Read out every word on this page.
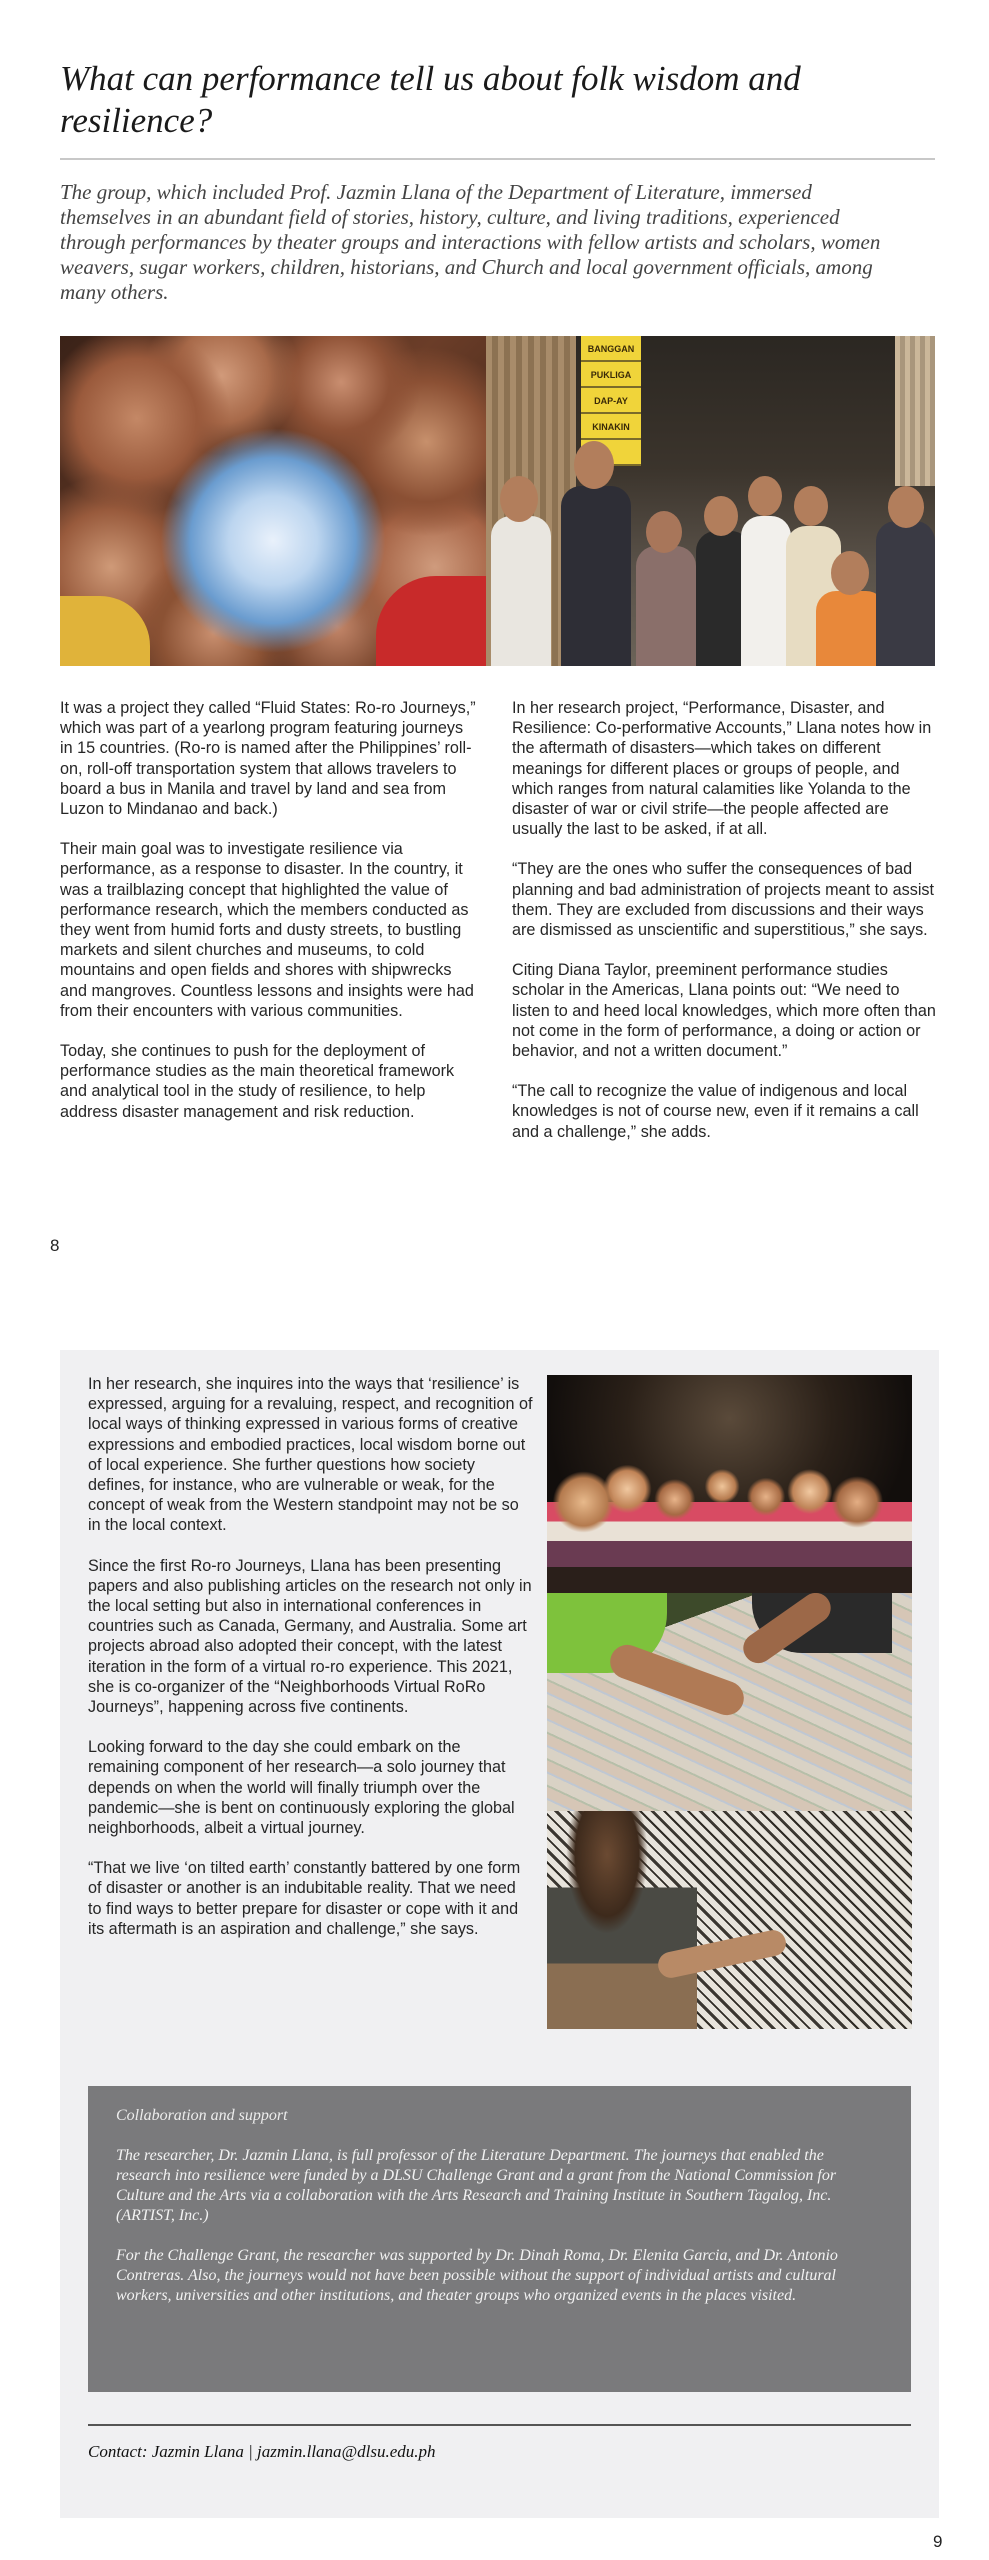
What can performance tell us about folk wisdom and resilience?

The group, which included Prof. Jazmin Llana of the Department of Literature, immersed themselves in an abundant field of stories, history, culture, and living traditions, experienced through performances by theater groups and interactions with fellow artists and scholars, women weavers, sugar workers, children, historians, and Church and local government officials, among many others.

BANGGAN
PUKLIGA
DAP-AY
KINAKIN

It was a project they called “Fluid States: Ro-ro Journeys,” which was part of a yearlong program featuring journeys in 15 countries. (Ro-ro is named after the Philippines’ roll-on, roll-off transportation system that allows travelers to board a bus in Manila and travel by land and sea from Luzon to Mindanao and back.)

Their main goal was to investigate resilience via performance, as a response to disaster. In the country, it was a trailblazing concept that highlighted the value of performance research, which the members conducted as they went from humid forts and dusty streets, to bustling markets and silent churches and museums, to cold mountains and open fields and shores with shipwrecks and mangroves. Countless lessons and insights were had from their encounters with various communities.

Today, she continues to push for the deployment of performance studies as the main theoretical framework and analytical tool in the study of resilience, to help address disaster management and risk reduction.

In her research project, “Performance, Disaster, and Resilience: Co-performative Accounts,” Llana notes how in the aftermath of disasters—which takes on different meanings for different places or groups of people, and which ranges from natural calamities like Yolanda to the disaster of war or civil strife—the people affected are usually the last to be asked, if at all.

“They are the ones who suffer the consequences of bad planning and bad administration of projects meant to assist them. They are excluded from discussions and their ways are dismissed as unscientific and superstitious,” she says.

Citing Diana Taylor, preeminent performance studies scholar in the Americas, Llana points out: “We need to listen to and heed local knowledges, which more often than not come in the form of performance, a doing or action or behavior, and not a written document.”

“The call to recognize the value of indigenous and local knowledges is not of course new, even if it remains a call and a challenge,” she adds.

8

In her research, she inquires into the ways that ‘resilience’ is expressed, arguing for a revaluing, respect, and recognition of local ways of thinking expressed in various forms of creative expressions and embodied practices, local wisdom borne out of local experience. She further questions how society defines, for instance, who are vulnerable or weak, for the concept of weak from the Western standpoint may not be so in the local context.

Since the first Ro-ro Journeys, Llana has been presenting papers and also publishing articles on the research not only in the local setting but also in international conferences in countries such as Canada, Germany, and Australia. Some art projects abroad also adopted their concept, with the latest iteration in the form of a virtual ro-ro experience. This 2021, she is co-organizer of the “Neighborhoods Virtual RoRo Journeys”, happening across five continents.

Looking forward to the day she could embark on the remaining component of her research—a solo journey that depends on when the world will finally triumph over the pandemic—she is bent on continuously exploring the global neighborhoods, albeit a virtual journey.

“That we live ‘on tilted earth’ constantly battered by one form of disaster or another is an indubitable reality. That we need to find ways to better prepare for disaster or cope with it and its aftermath is an aspiration and challenge,” she says.

Collaboration and support

The researcher, Dr. Jazmin Llana, is full professor of the Literature Department. The journeys that enabled the research into resilience were funded by a DLSU Challenge Grant and a grant from the National Commission for Culture and the Arts via a collaboration with the Arts Research and Training Institute in Southern Tagalog, Inc. (ARTIST, Inc.)

For the Challenge Grant, the researcher was supported by Dr. Dinah Roma, Dr. Elenita Garcia, and Dr. Antonio Contreras. Also, the journeys would not have been possible without the support of individual artists and cultural workers, universities and other institutions, and theater groups who organized events in the places visited.

Contact: Jazmin Llana | jazmin.llana@dlsu.edu.ph
9
